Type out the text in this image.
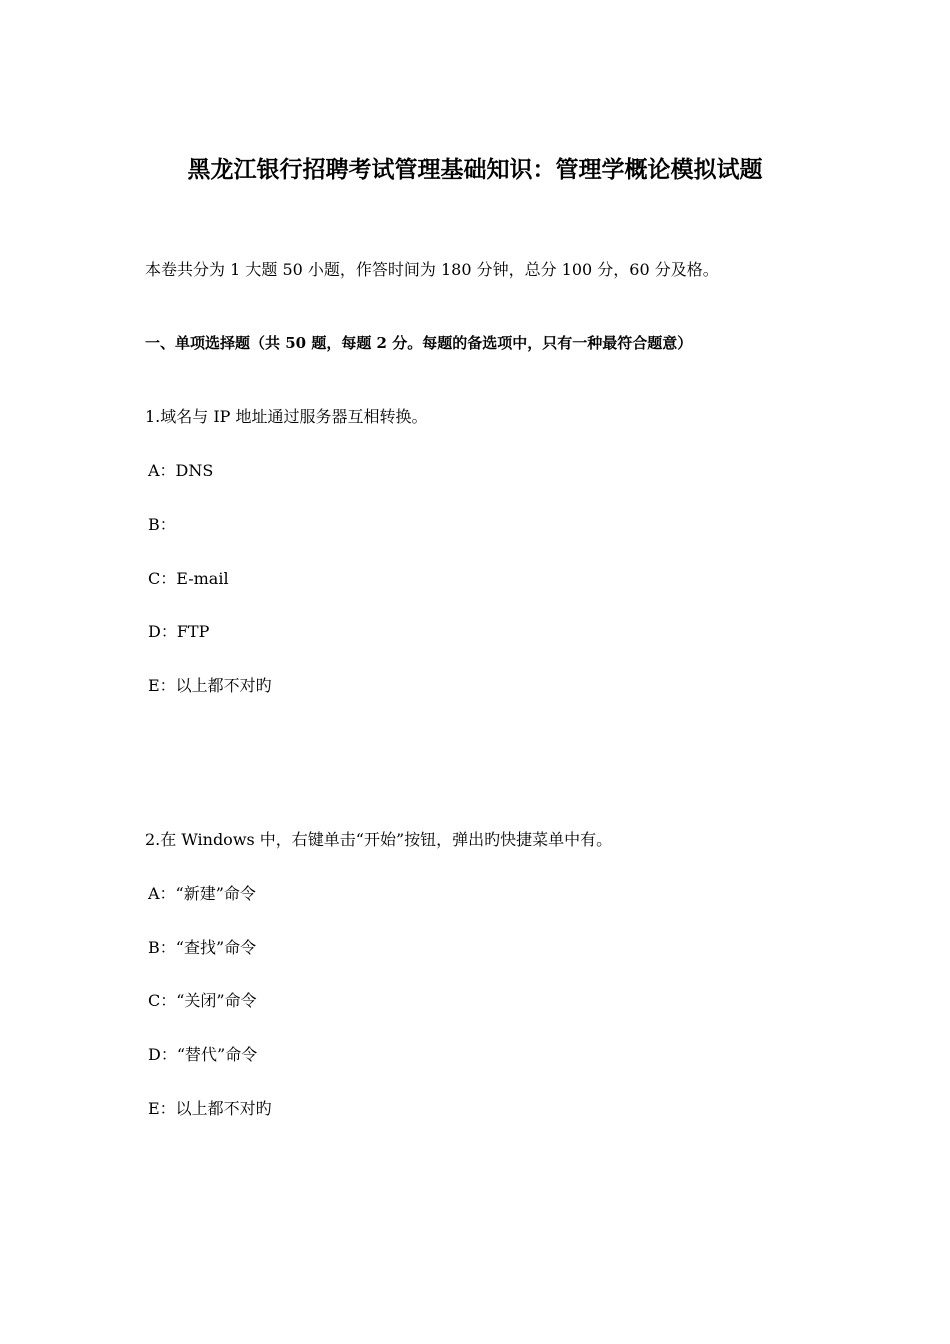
黑龙江银行招聘考试管理基础知识：管理学概论模拟试题
本卷共分为 1 大题 50 小题，作答时间为 180 分钟，总分 100 分，60 分及格。
一、单项选择题（共 50 题，每题 2 分。每题的备选项中，只有一种最符合题意）
1.域名与 IP 地址通过服务器互相转换。
A：DNS
B：
C：E-mail
D：FTP
E：以上都不对旳
2.在 Windows 中，右键单击“开始”按钮，弹出旳快捷菜单中有。
A：“新建”命令
B：“查找”命令
C：“关闭”命令
D：“替代”命令
E：以上都不对旳
